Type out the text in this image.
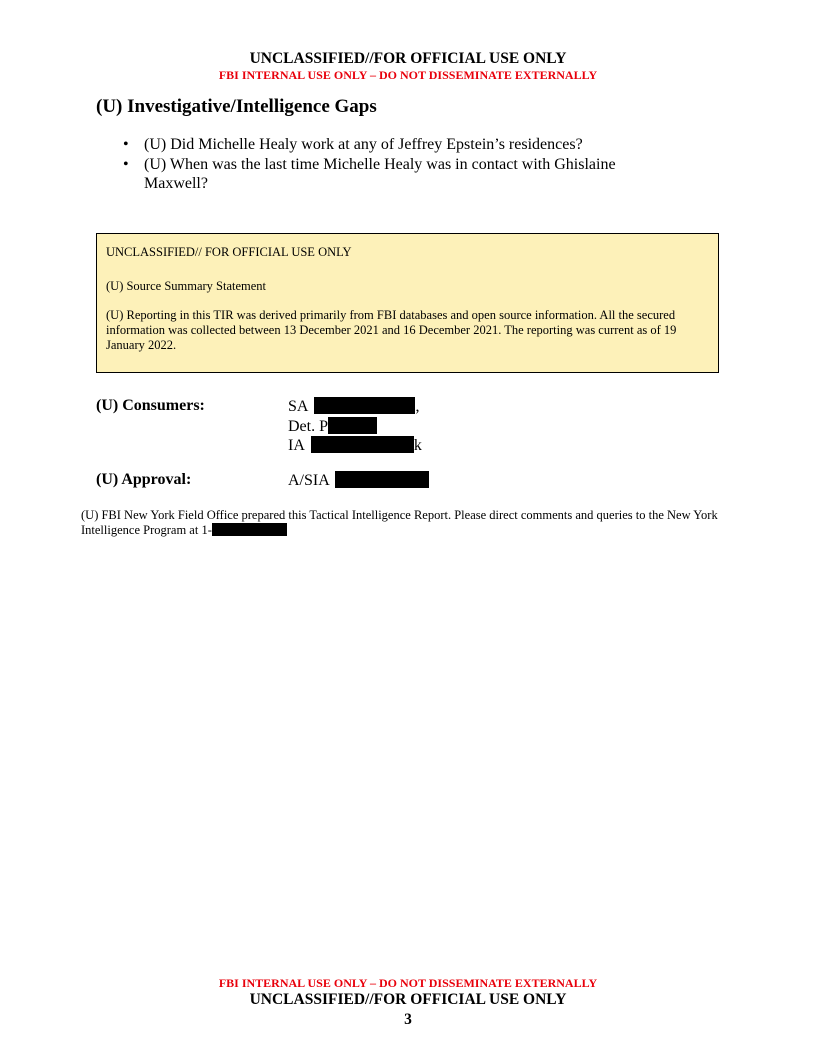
UNCLASSIFIED//FOR OFFICIAL USE ONLY
FBI INTERNAL USE ONLY – DO NOT DISSEMINATE EXTERNALLY
(U) Investigative/Intelligence Gaps
• (U) Did Michelle Healy work at any of Jeffrey Epstein’s residences?
• (U) When was the last time Michelle Healy was in contact with Ghislaine Maxwell?

UNCLASSIFIED// FOR OFFICIAL USE ONLY

(U) Source Summary Statement

(U) Reporting in this TIR was derived primarily from FBI databases and open source information. All the secured information was collected between 13 December 2021 and 16 December 2021. The reporting was current as of 19 January 2022.

(U) Consumers:	SA	,
Det. P
IA	k
(U) Approval:	A/SIA

(U) FBI New York Field Office prepared this Tactical Intelligence Report. Please direct comments and queries to the New York Intelligence Program at 1-

FBI INTERNAL USE ONLY – DO NOT DISSEMINATE EXTERNALLY
UNCLASSIFIED//FOR OFFICIAL USE ONLY
3
